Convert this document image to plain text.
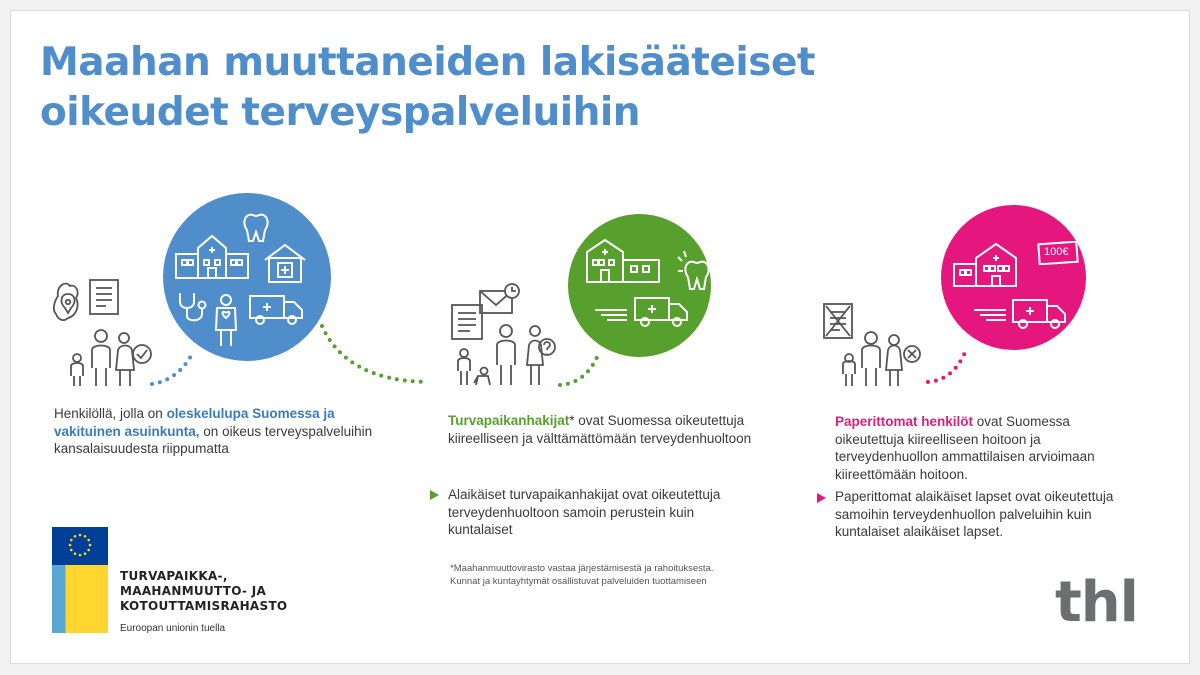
Maahan muuttaneiden lakisääteiset
oikeudet terveyspalveluihin

Henkilöllä, jolla on oleskelulupa Suomessa ja vakituinen asuinkunta, on oikeus terveyspalveluihin kansalaisuudesta riippumatta

Turvapaikanhakijat* ovat Suomessa oikeutettuja kiireelliseen ja välttämättömään terveydenhuoltoon

Alaikäiset turvapaikanhakijat ovat oikeutettuja terveydenhuoltoon samoin perustein kuin kuntalaiset

*Maahanmuuttovirasto vastaa järjestämisestä ja rahoituksesta.
Kunnat ja kuntayhtymät osallistuvat palveluiden tuottamiseen
100€

Paperittomat henkilöt ovat Suomessa oikeutettuja kiireelliseen hoitoon ja terveydenhuollon ammattilaisen arvioimaan kiireettömään hoitoon.

Paperittomat alaikäiset lapset ovat oikeutettuja samoihin terveydenhuollon palveluihin kuin kuntalaiset alaikäiset lapset.

TURVAPAIKKA-,
MAAHANMUUTTO- JA
KOTOUTTAMISRAHASTO
Euroopan unionin tuella	thl
